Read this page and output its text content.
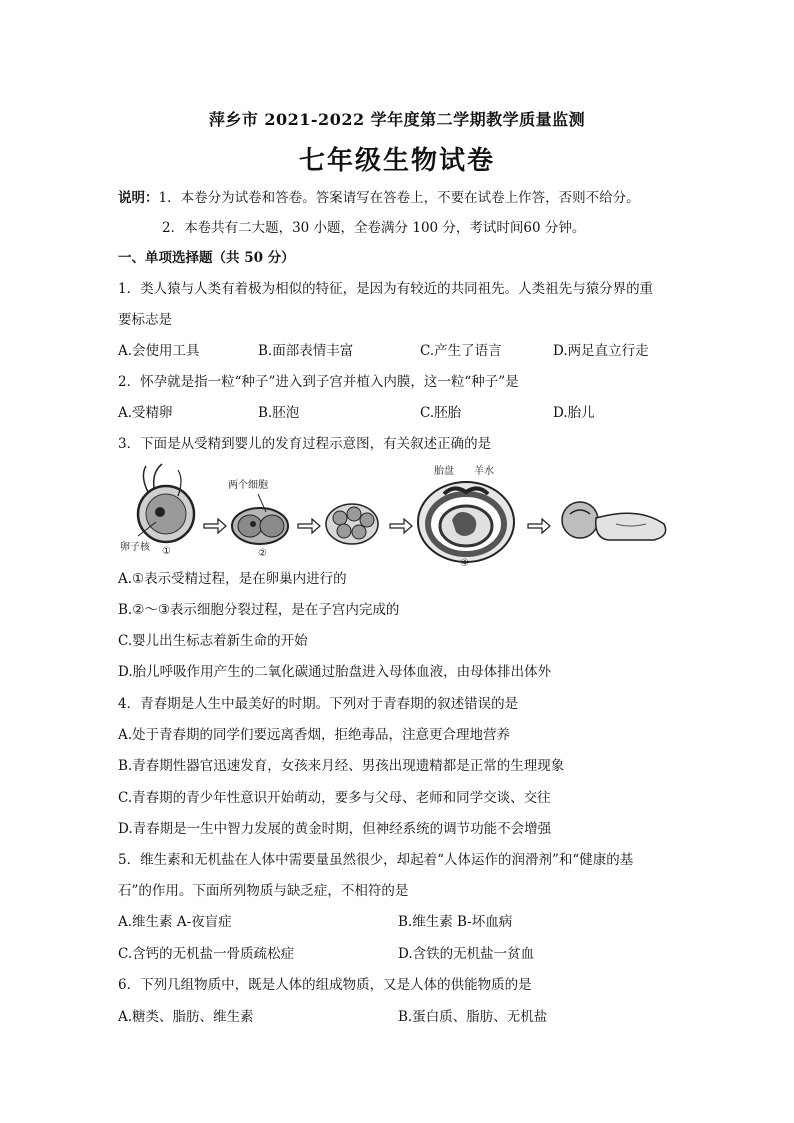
萍乡市 2021-2022 学年度第二学期教学质量监测
七年级生物试卷
说明：1．本卷分为试卷和答卷。答案请写在答卷上，不要在试卷上作答，否则不给分。
2．本卷共有二大题，30 小题，全卷满分 100 分，考试时间60 分钟。
一、单项选择题（共 50 分）
1．类人猿与人类有着极为相似的特征，是因为有较近的共同祖先。人类祖先与猿分界的重
要标志是
A.会使用工具	B.面部表情丰富	C.产生了语言	D.两足直立行走
2．怀孕就是指一粒“种子”进入到子宫并植入内膜，这一粒“种子”是
A.受精卵	B.胚泡	C.胚胎	D.胎儿
3．下面是从受精到婴儿的发育过程示意图，有关叙述正确的是
卵子核 ①
两个细胞
②
胎盘 羊水
④
A.①表示受精过程，是在卵巢内进行的
B.②～③表示细胞分裂过程，是在子宫内完成的
C.婴儿出生标志着新生命的开始
D.胎儿呼吸作用产生的二氧化碳通过胎盘进入母体血液，由母体排出体外
4．青春期是人生中最美好的时期。下列对于青春期的叙述错误的是
A.处于青春期的同学们要远离香烟，拒绝毒品，注意更合理地营养
B.青春期性器官迅速发育，女孩来月经、男孩出现遗精都是正常的生理现象
C.青春期的青少年性意识开始萌动，要多与父母、老师和同学交谈、交往
D.青春期是一生中智力发展的黄金时期，但神经系统的调节功能不会增强
5．维生素和无机盐在人体中需要量虽然很少，却起着“人体运作的润滑剂”和“健康的基
石”的作用。下面所列物质与缺乏症，不相符的是
A.维生素 A-夜盲症	B.维生素 B-坏血病
C.含钙的无机盐一骨质疏松症	D.含铁的无机盐一贫血
6．下列几组物质中，既是人体的组成物质，又是人体的供能物质的是
A.糖类、脂肪、维生素	B.蛋白质、脂肪、无机盐
